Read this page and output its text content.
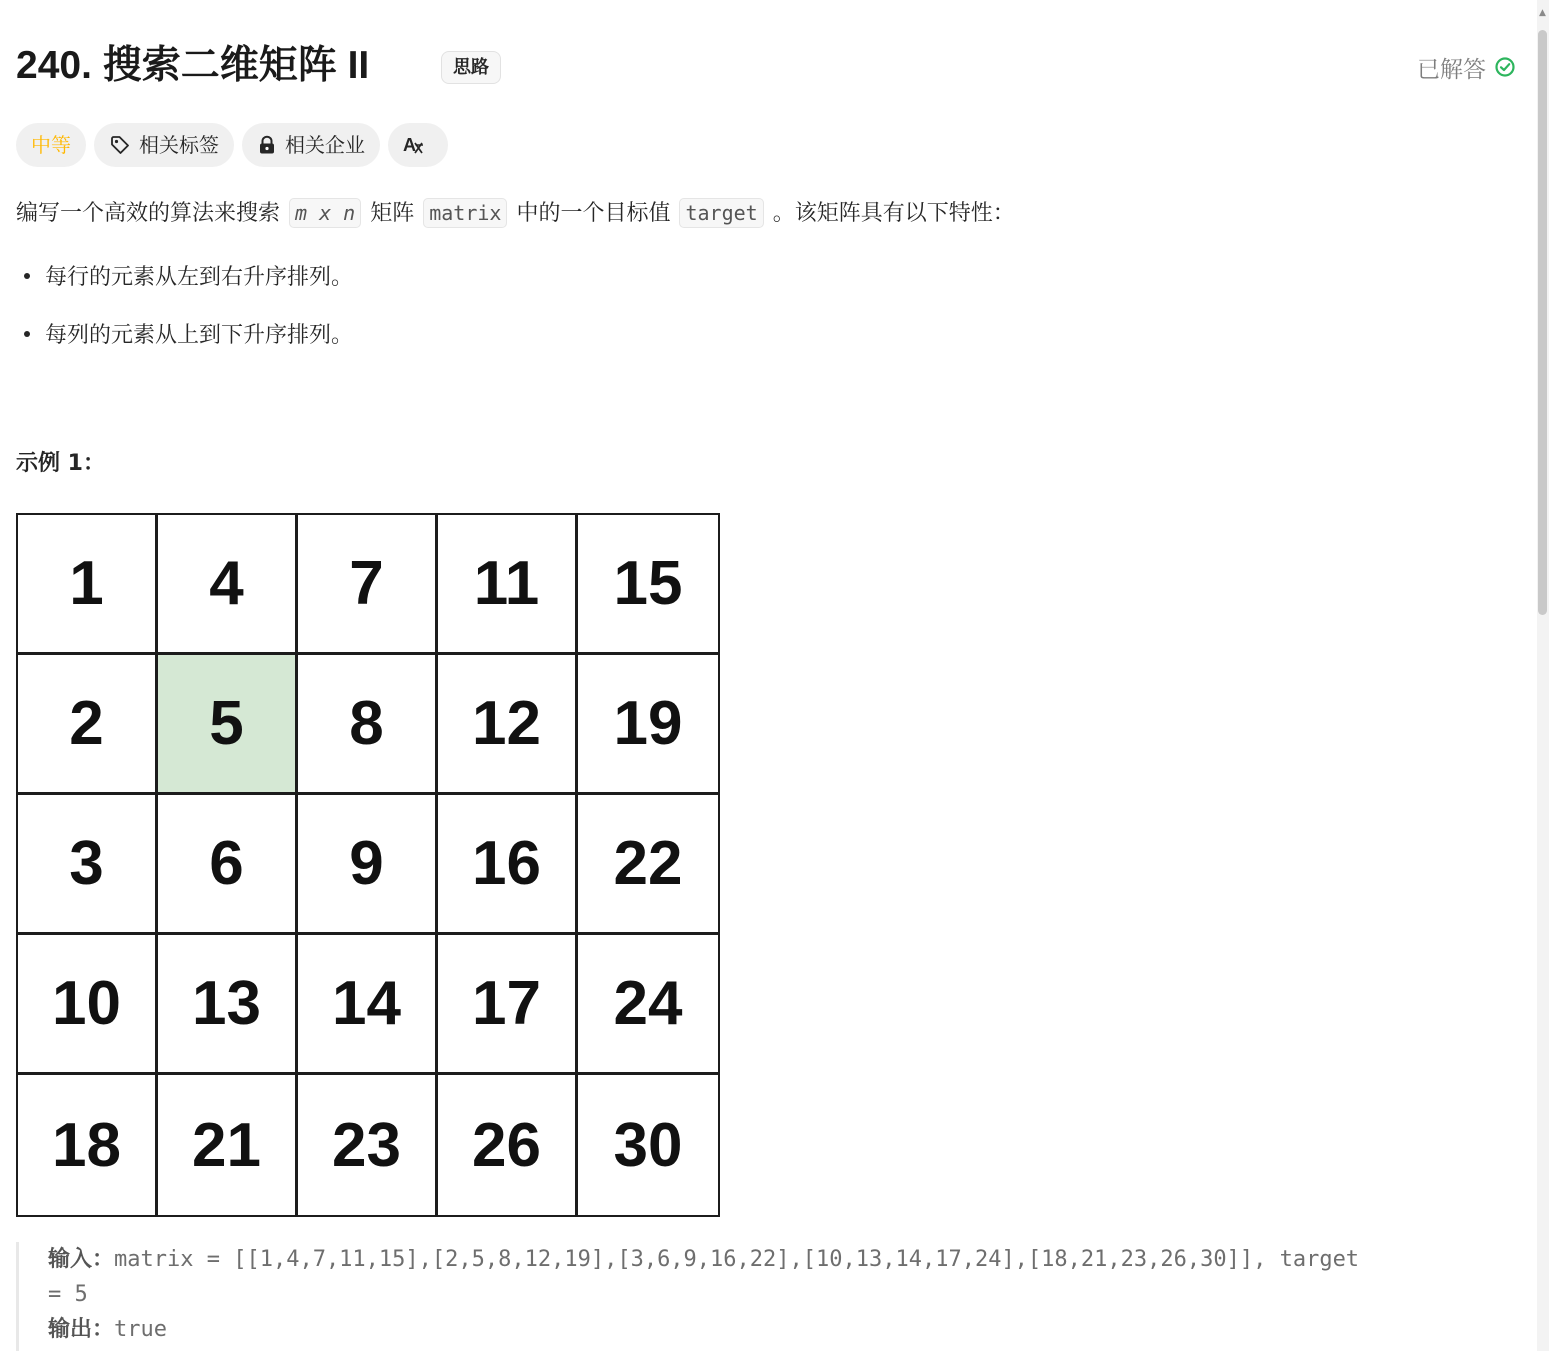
240. 搜索二维矩阵 II	思路	已解答
中等	相关标签	相关企业 A
编写一个高效的算法来搜索 m x n 矩阵 matrix 中的一个目标值 target 。该矩阵具有以下特性：
每行的元素从左到右升序排列。
每列的元素从上到下升序排列。
示例 1：
1	4	7	11	15
2	5	8	12	19
3	6	9	16	22
10	13	14	17	24
18	21	23	26	30
输入：matrix = [[1,4,7,11,15],[2,5,8,12,19],[3,6,9,16,22],[10,13,14,17,24],[18,21,23,26,30]], target
= 5
输出：true
▲
